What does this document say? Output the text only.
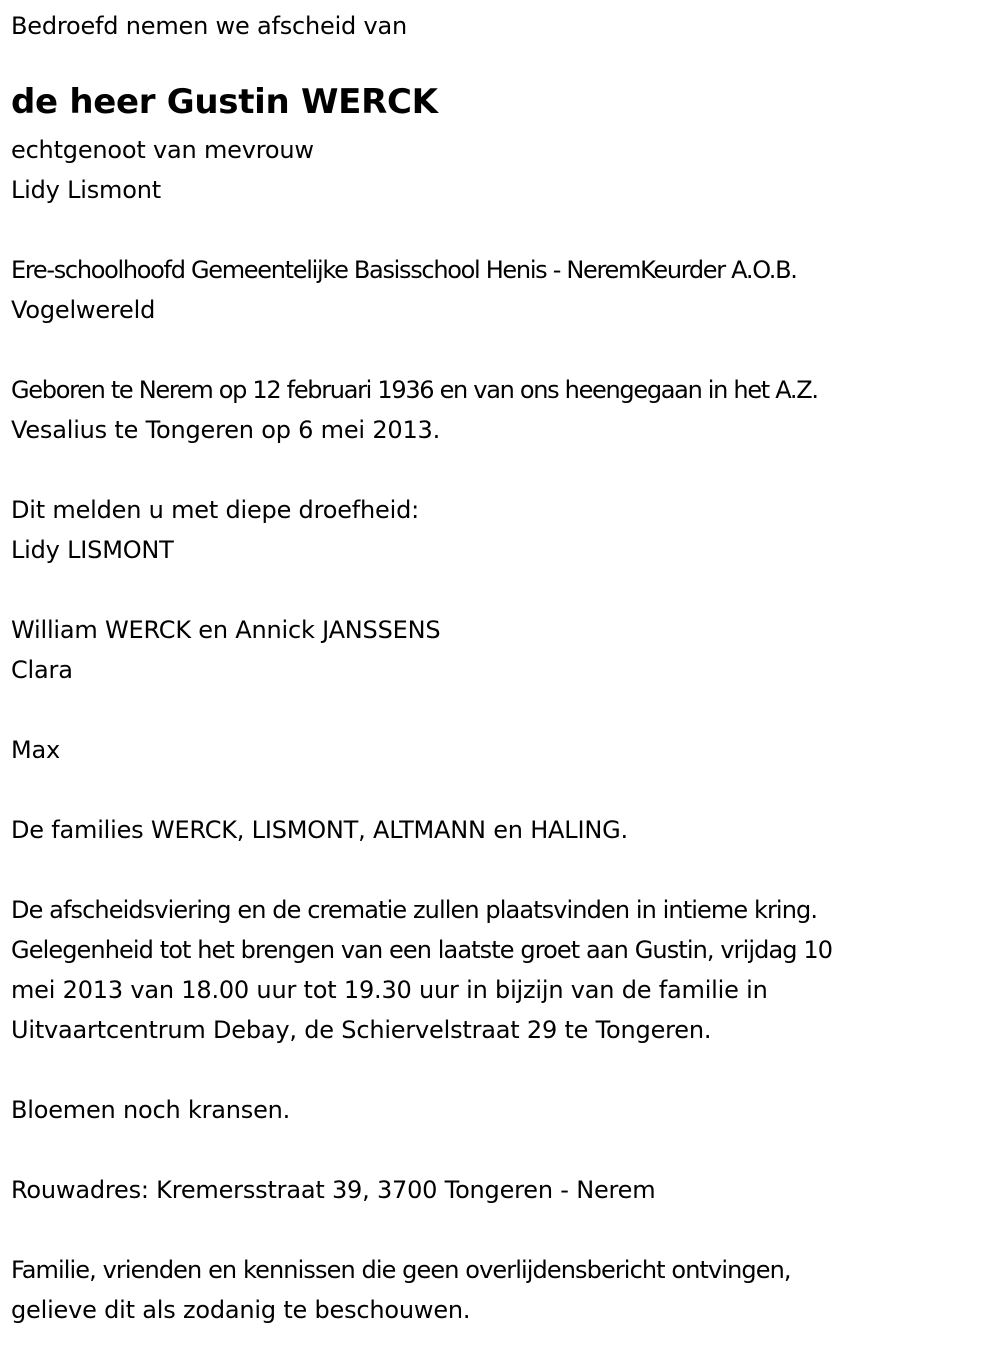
Bedroefd nemen we afscheid van
de heer Gustin WERCK
echtgenoot van mevrouw
Lidy Lismont
Ere-schoolhoofd Gemeentelijke Basisschool Henis - NeremKeurder A.O.B.
Vogelwereld
Geboren te Nerem op 12 februari 1936 en van ons heengegaan in het A.Z.
Vesalius te Tongeren op 6 mei 2013.
Dit melden u met diepe droefheid:
Lidy LISMONT
William WERCK en Annick JANSSENS
Clara
Max
De families WERCK, LISMONT, ALTMANN en HALING.
De afscheidsviering en de crematie zullen plaatsvinden in intieme kring.
Gelegenheid tot het brengen van een laatste groet aan Gustin, vrijdag 10
mei 2013 van 18.00 uur tot 19.30 uur in bijzijn van de familie in
Uitvaartcentrum Debay, de Schiervelstraat 29 te Tongeren.
Bloemen noch kransen.
Rouwadres: Kremersstraat 39, 3700 Tongeren - Nerem
Familie, vrienden en kennissen die geen overlijdensbericht ontvingen,
gelieve dit als zodanig te beschouwen.
